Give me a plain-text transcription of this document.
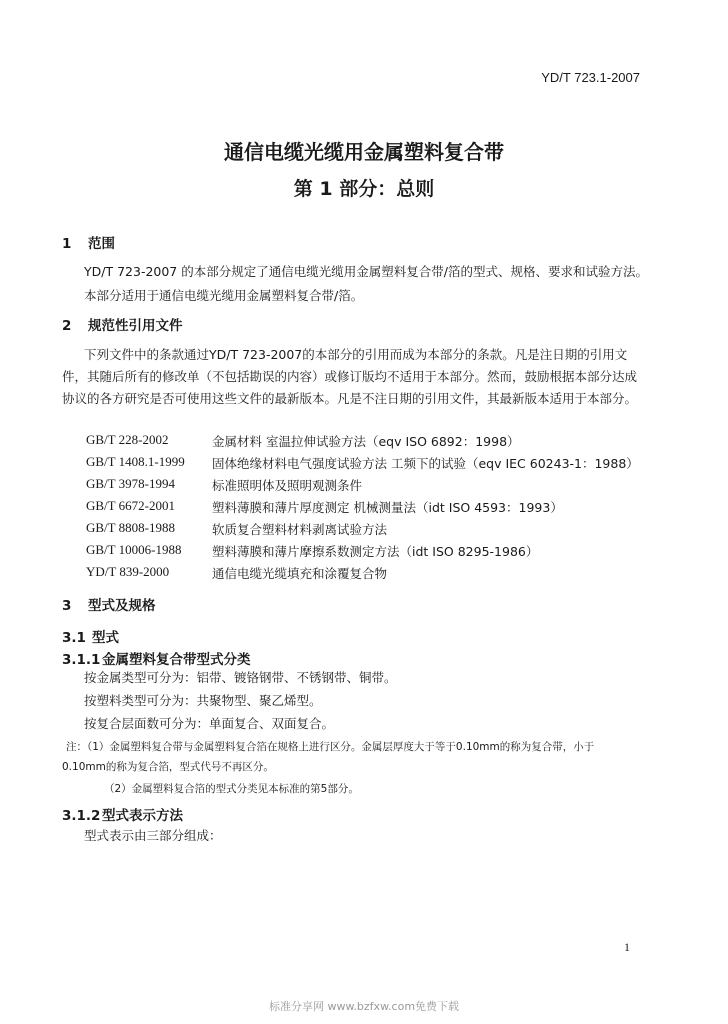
YD/T 723.1-2007
通信电缆光缆用金属塑料复合带
第 1 部分：总则
1 范围
YD/T 723-2007 的本部分规定了通信电缆光缆用金属塑料复合带/箔的型式、规格、要求和试验方法。
本部分适用于通信电缆光缆用金属塑料复合带/箔。
2 规范性引用文件
下列文件中的条款通过YD/T 723-2007的本部分的引用而成为本部分的条款。凡是注日期的引用文件，其随后所有的修改单（不包括勘误的内容）或修订版均不适用于本部分。然而，鼓励根据本部分达成协议的各方研究是否可使用这些文件的最新版本。凡是不注日期的引用文件，其最新版本适用于本部分。
GB/T 228-2002	金属材料 室温拉伸试验方法（eqv ISO 6892：1998）
GB/T 1408.1-1999 固体绝缘材料电气强度试验方法 工频下的试验（eqv IEC 60243-1：1988）
GB/T 3978-1994	标准照明体及照明观测条件
GB/T 6672-2001	塑料薄膜和薄片厚度测定 机械测量法（idt ISO 4593：1993）
GB/T 8808-1988	软质复合塑料材料剥离试验方法
GB/T 10006-1988 塑料薄膜和薄片摩擦系数测定方法（idt ISO 8295-1986）
YD/T 839-2000	通信电缆光缆填充和涂覆复合物
3 型式及规格
3.1 型式
3.1.1 金属塑料复合带型式分类
按金属类型可分为：铝带、镀铬钢带、不锈钢带、铜带。
按塑料类型可分为：共聚物型、聚乙烯型。
按复合层面数可分为：单面复合、双面复合。
注：（1）金属塑料复合带与金属塑料复合箔在规格上进行区分。金属层厚度大于等于0.10mm的称为复合带，小于
0.10mm的称为复合箔，型式代号不再区分。
（2）金属塑料复合箔的型式分类见本标准的第5部分。
3.1.2 型式表示方法
型式表示由三部分组成：
1
标准分享网 www.bzfxw.com免费下载
